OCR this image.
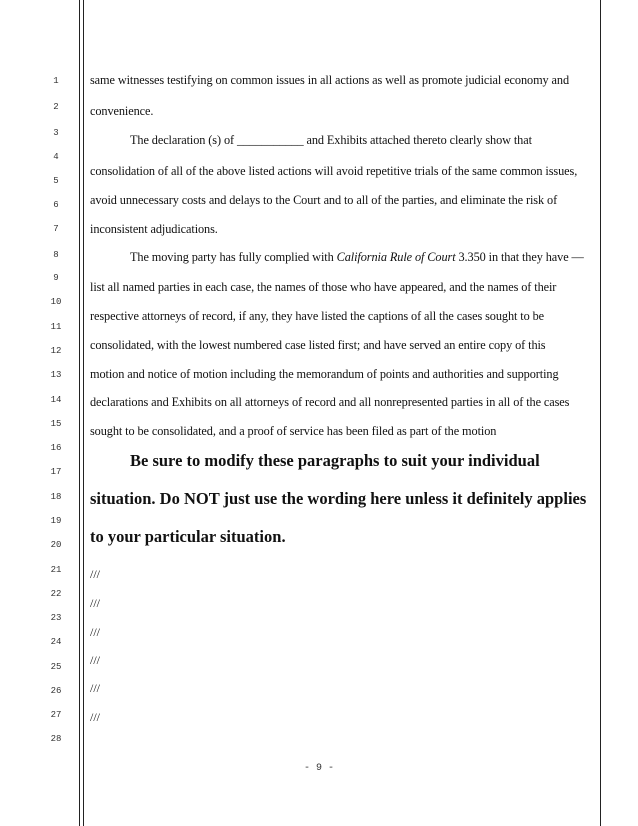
1
2
3
4
5
6
7
8
9
10
11
12
13
14
15
16
17
18
19
20
21
22
23
24
25
26
27
28
same witnesses testifying on common issues in all actions as well as promote judicial economy and
convenience.
The declaration (s) of ___________ and Exhibits attached thereto clearly show that
consolidation of all of the above listed actions will avoid repetitive trials of the same common issues,
avoid unnecessary costs and delays to the Court and to all of the parties, and eliminate the risk of
inconsistent adjudications.
The moving party has fully complied with California Rule of Court 3.350 in that they have —
list all named parties in each case, the names of those who have appeared, and the names of their
respective attorneys of record, if any, they have listed the captions of all the cases sought to be
consolidated, with the lowest numbered case listed first; and have served an entire copy of this
motion and notice of motion including the memorandum of points and authorities and supporting
declarations and Exhibits on all attorneys of record and all nonrepresented parties in all of the cases
sought to be consolidated, and a proof of service has been filed as part of the motion
Be sure to modify these paragraphs to suit your individual
situation. Do NOT just use the wording here unless it definitely applies
to your particular situation.
///
///
///
///
///
///
- 9 -
